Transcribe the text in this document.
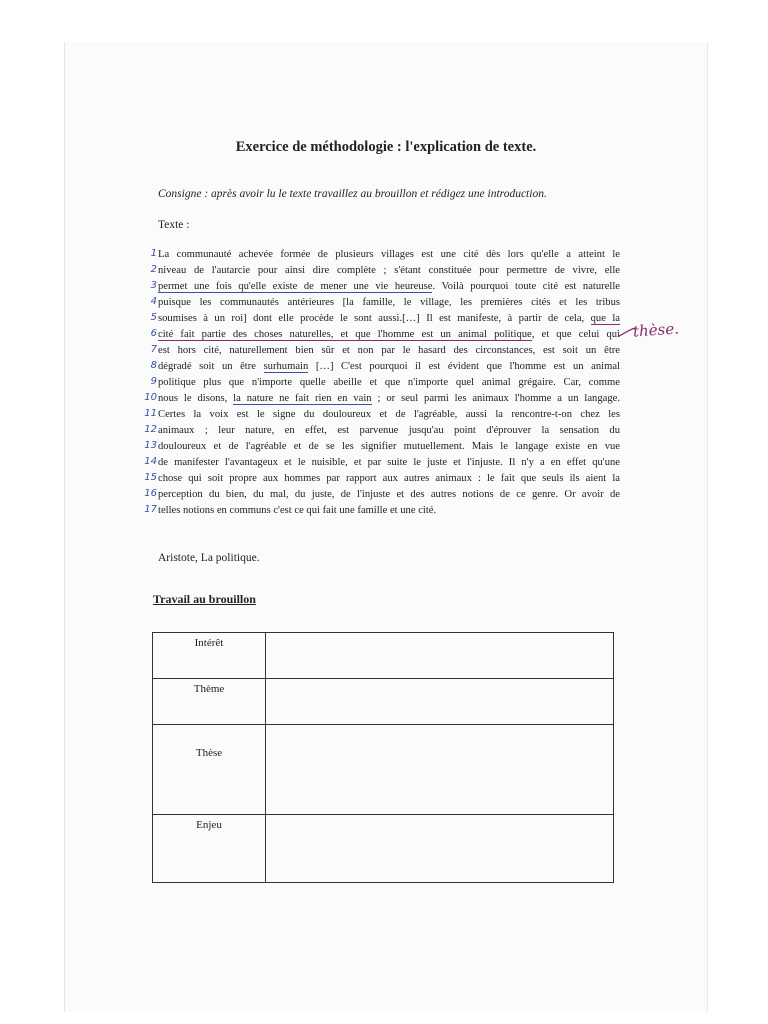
Exercice de méthodologie : l'explication de texte.
Consigne : après avoir lu le texte travaillez au brouillon et rédigez une introduction.
Texte :
1
2
3
4
5
6
7
8
9
10
11
12
13
14
15
16
17
La communauté achevée formée de plusieurs villages est une cité dès lors qu'elle a atteint le
niveau de l'autarcie pour ainsi dire complète ; s'étant constituée pour permettre de vivre, elle
permet une fois qu'elle existe de mener une vie heureuse. Voilà pourquoi toute cité est naturelle
puisque les communautés antérieures [la famille, le village, les premières cités et les tribus
soumises à un roi] dont elle procède le sont aussi.[…] Il est manifeste, à partir de cela, que la
cité fait partie des choses naturelles, et que l'homme est un animal politique, et que celui qui
est hors cité, naturellement bien sûr et non par le hasard des circonstances, est soit un être
dégradé soit un être surhumain […] C'est pourquoi il est évident que l'homme est un animal
politique plus que n'importe quelle abeille et que n'importe quel animal grégaire. Car, comme
nous le disons, la nature ne fait rien en vain ; or seul parmi les animaux l'homme a un langage.
Certes la voix est le signe du douloureux et de l'agréable, aussi la rencontre-t-on chez les
animaux ; leur nature, en effet, est parvenue jusqu'au point d'éprouver la sensation du
douloureux et de l'agréable et de se les signifier mutuellement. Mais le langage existe en vue
de manifester l'avantageux et le nuisible, et par suite le juste et l'injuste. Il n'y a en effet qu'une
chose qui soit propre aux hommes par rapport aux autres animaux : le fait que seuls ils aient la
perception du bien, du mal, du juste, de l'injuste et des autres notions de ce genre. Or avoir de
telles notions en communs c'est ce qui fait une famille et une cité.
thèse.
Aristote, La politique.
Travail au brouillon
Intérêt	
Thème	
Thèse	
Enjeu	
